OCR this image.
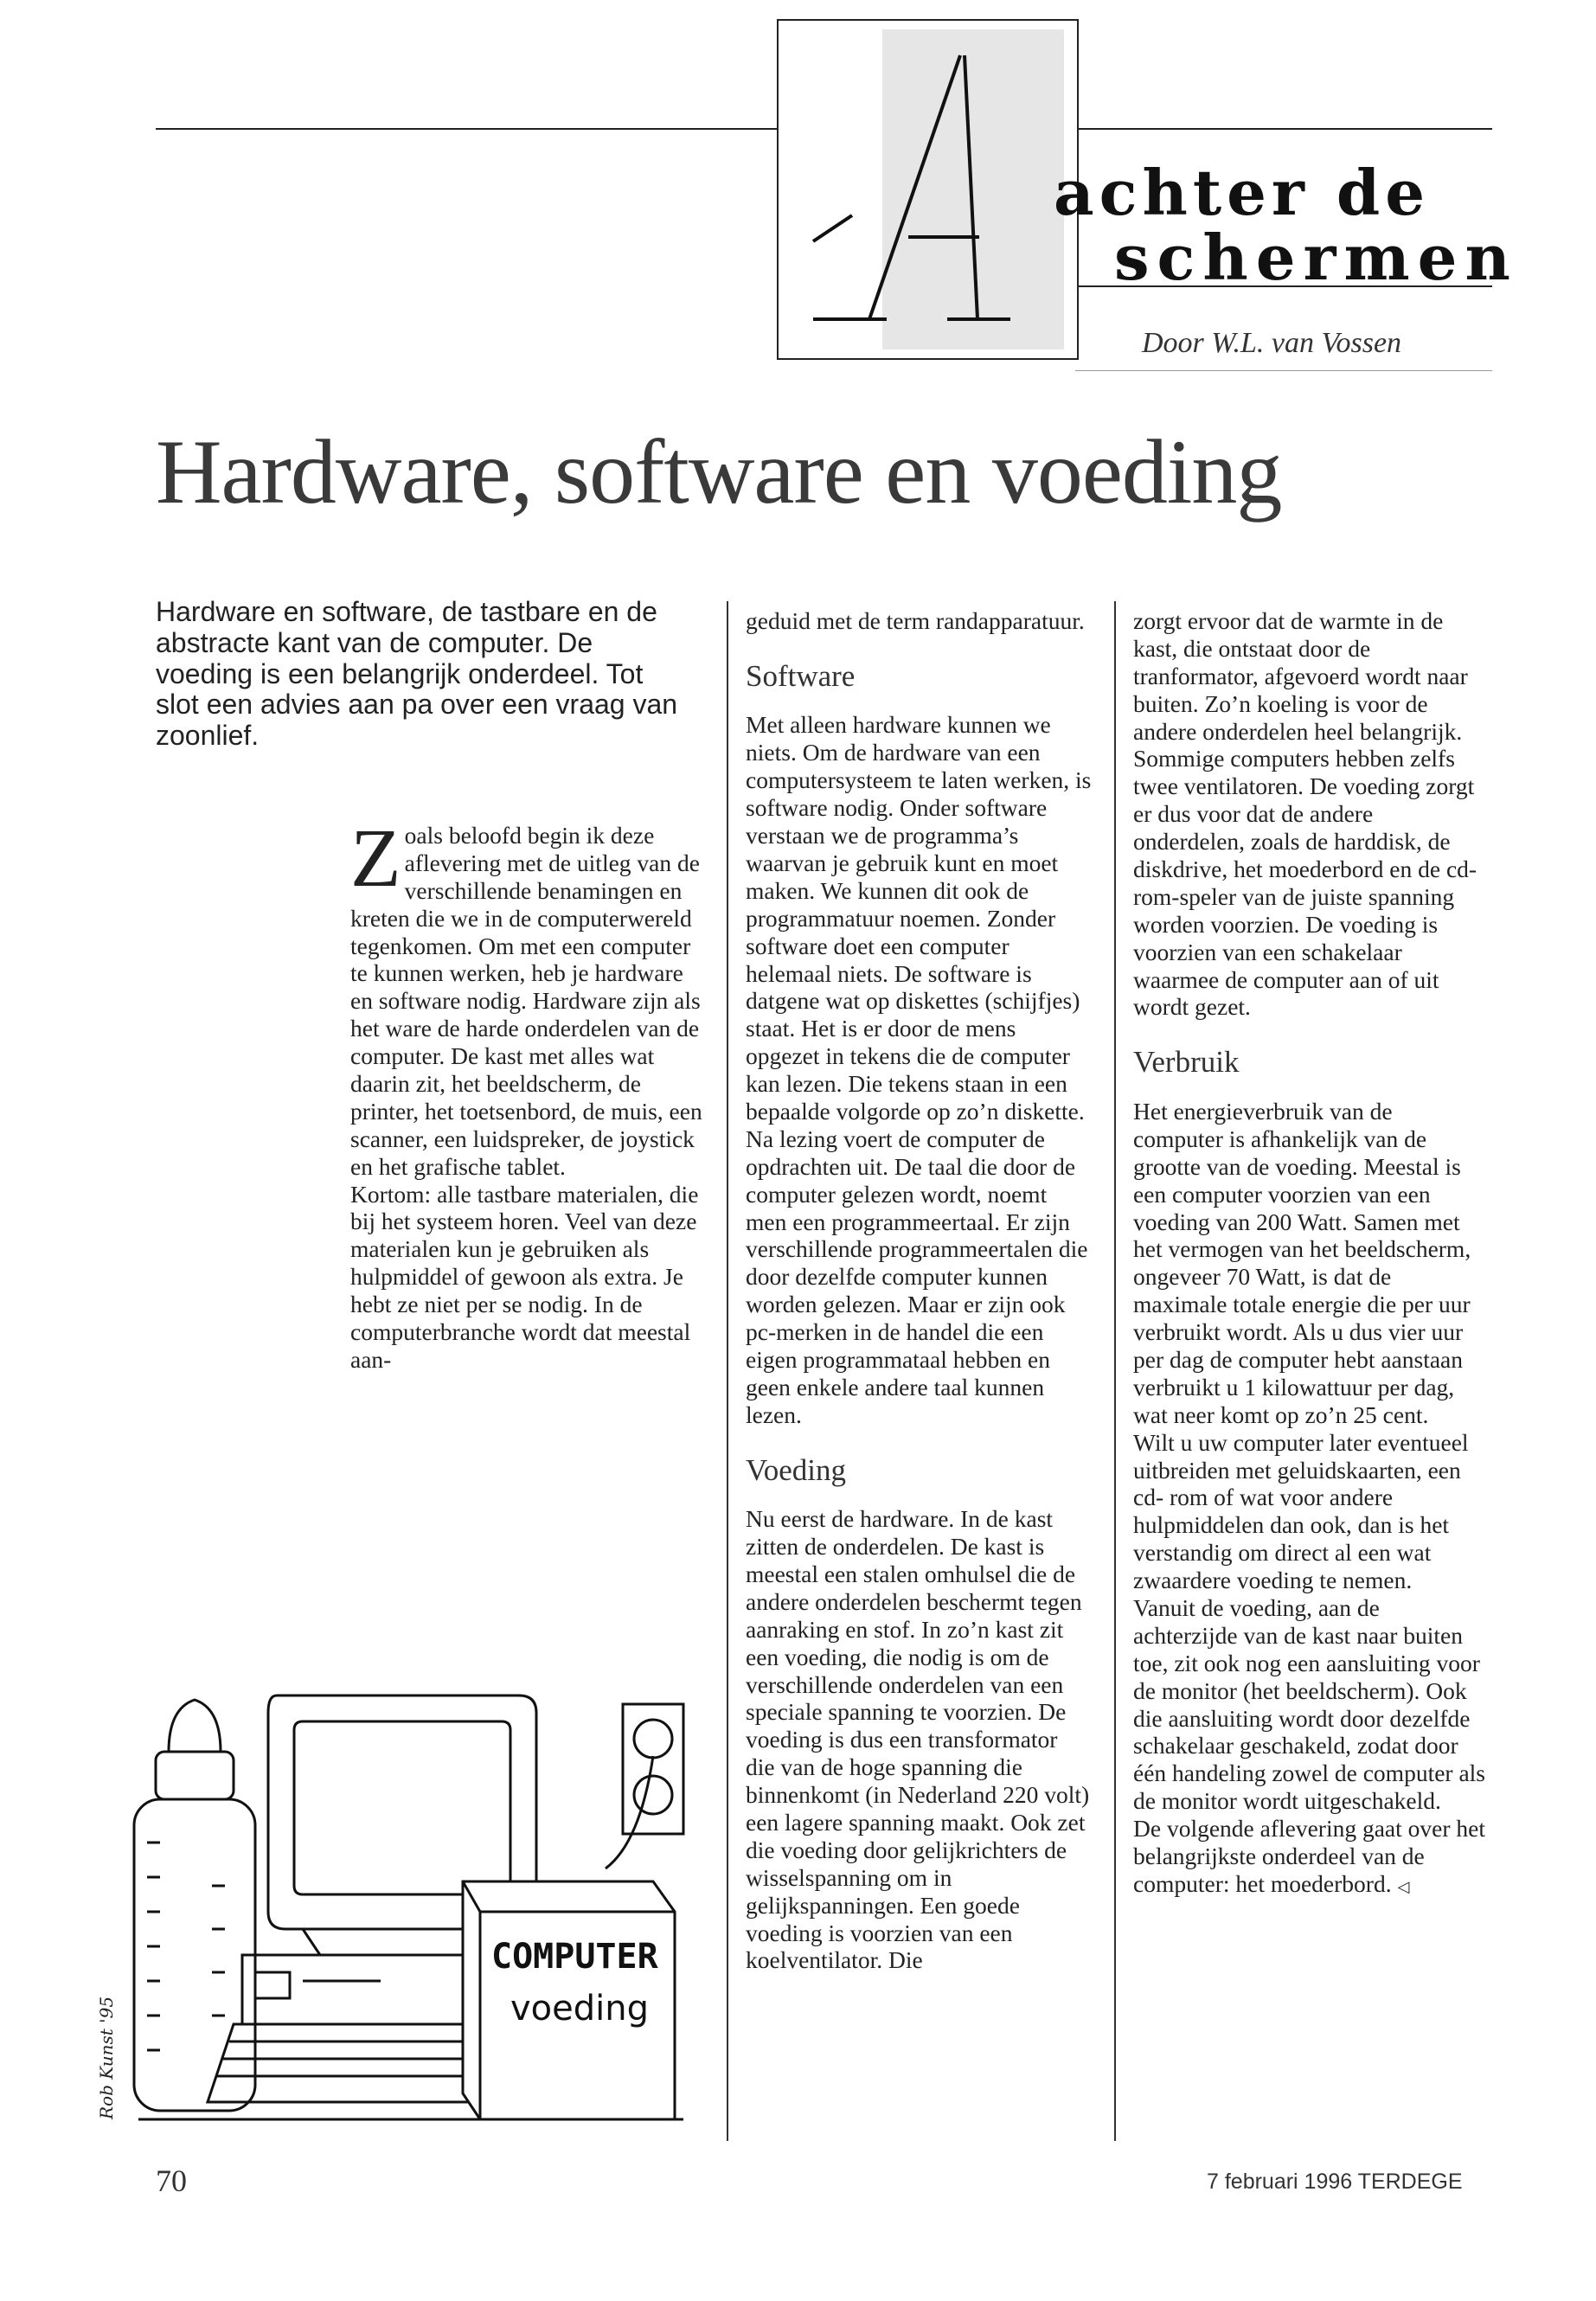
A
achter de
schermen
Door W.L. van Vossen
Hardware, software en voeding
Hardware en software, de tastbare en de abstracte kant van de computer. De voeding is een belangrijk onderdeel. Tot slot een advies aan pa over een vraag van zoonlief.
Z oals beloofd begin ik deze aflevering met de uitleg van de verschillende benamingen en kreten die we in de computerwereld tegenkomen. Om met een computer te kunnen werken, heb je hardware en software nodig. Hardware zijn als het ware de harde onderdelen van de computer. De kast met alles wat daarin zit, het beeldscherm, de printer, het toetsenbord, de muis, een scanner, een luidspreker, de joystick en het grafische tablet.

Kortom: alle tastbare materialen, die bij het systeem horen. Veel van deze materialen kun je gebruiken als hulpmiddel of gewoon als extra. Je hebt ze niet per se nodig. In de computerbranche wordt dat meestal aan-

geduid met de term randapparatuur.

Software

Met alleen hardware kunnen we niets. Om de hardware van een computersysteem te laten werken, is software nodig. Onder software verstaan we de programma’s waarvan je gebruik kunt en moet maken. We kunnen dit ook de programmatuur noemen. Zonder software doet een computer helemaal niets. De software is datgene wat op diskettes (schijfjes) staat. Het is er door de mens opgezet in tekens die de computer kan lezen. Die tekens staan in een bepaalde volgorde op zo’n diskette. Na lezing voert de computer de opdrachten uit. De taal die door de computer gelezen wordt, noemt men een programmeertaal. Er zijn verschillende programmeertalen die door dezelfde computer kunnen worden gelezen. Maar er zijn ook pc-merken in de handel die een eigen programmataal hebben en geen enkele andere taal kunnen lezen.

Voeding

Nu eerst de hardware. In de kast zitten de onderdelen. De kast is meestal een stalen omhulsel die de andere onderdelen beschermt tegen aanraking en stof. In zo’n kast zit een voeding, die nodig is om de verschillende onderdelen van een speciale spanning te voorzien. De voeding is dus een transformator die van de hoge spanning die binnenkomt (in Nederland 220 volt) een lagere spanning maakt. Ook zet die voeding door gelijkrichters de wisselspanning om in gelijkspanningen. Een goede voeding is voorzien van een koelventilator. Die

zorgt ervoor dat de warmte in de kast, die ontstaat door de tranformator, afgevoerd wordt naar buiten. Zo’n koeling is voor de andere onderdelen heel belangrijk. Sommige computers hebben zelfs twee ventilatoren. De voeding zorgt er dus voor dat de andere onderdelen, zoals de harddisk, de diskdrive, het moederbord en de cd-rom-speler van de juiste spanning worden voorzien. De voeding is voorzien van een schakelaar waarmee de computer aan of uit wordt gezet.

Verbruik

Het energieverbruik van de computer is afhankelijk van de grootte van de voeding. Meestal is een computer voorzien van een voeding van 200 Watt. Samen met het vermogen van het beeldscherm, ongeveer 70 Watt, is dat de maximale totale energie die per uur verbruikt wordt. Als u dus vier uur per dag de computer hebt aanstaan verbruikt u 1 kilowattuur per dag, wat neer komt op zo’n 25 cent.

Wilt u uw computer later eventueel uitbreiden met geluidskaarten, een cd- rom of wat voor andere hulpmiddelen dan ook, dan is het verstandig om direct al een wat zwaardere voeding te nemen.

Vanuit de voeding, aan de achterzijde van de kast naar buiten toe, zit ook nog een aansluiting voor de monitor (het beeldscherm). Ook die aansluiting wordt door dezelfde schakelaar geschakeld, zodat door één handeling zowel de computer als de monitor wordt uitgeschakeld.

De volgende aflevering gaat over het belangrijkste onderdeel van de computer: het moederbord. ◁

COMPUTER
voeding
Rob Kunst '95
70	7 februari 1996 TERDEGE
